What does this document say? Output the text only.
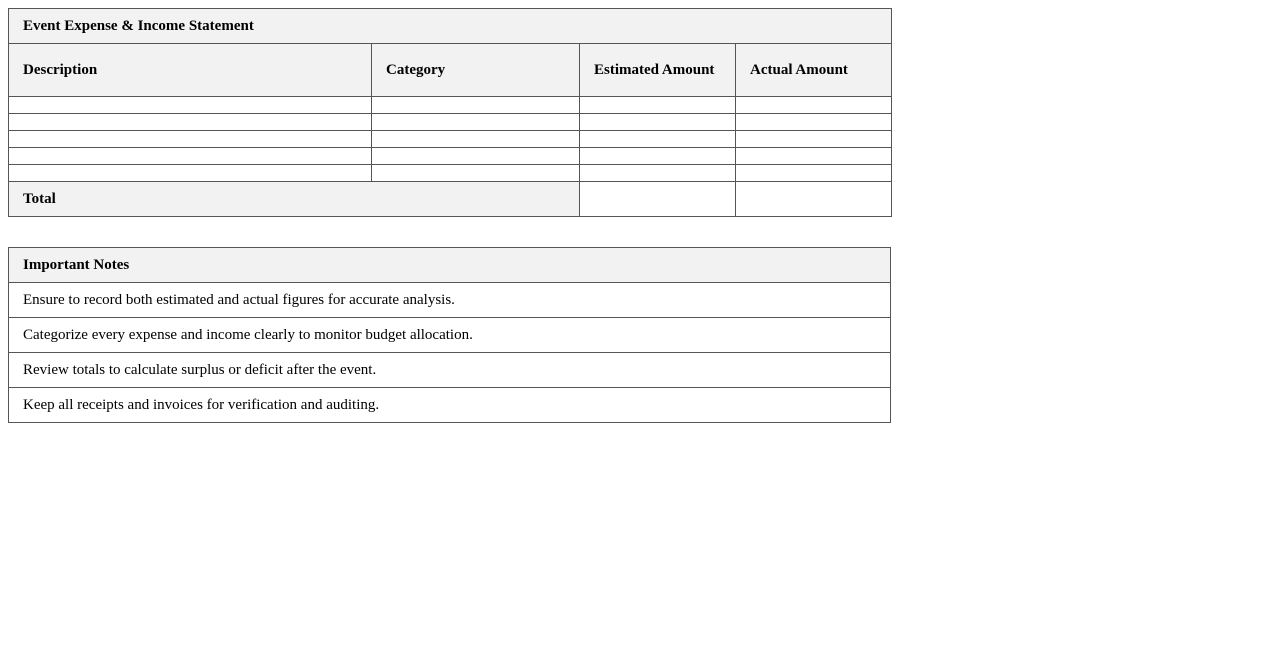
Event Expense & Income Statement			
Description	Category	Estimated Amount	Actual Amount

Total			
Important Notes
Ensure to record both estimated and actual figures for accurate analysis.
Categorize every expense and income clearly to monitor budget allocation.
Review totals to calculate surplus or deficit after the event.
Keep all receipts and invoices for verification and auditing.
